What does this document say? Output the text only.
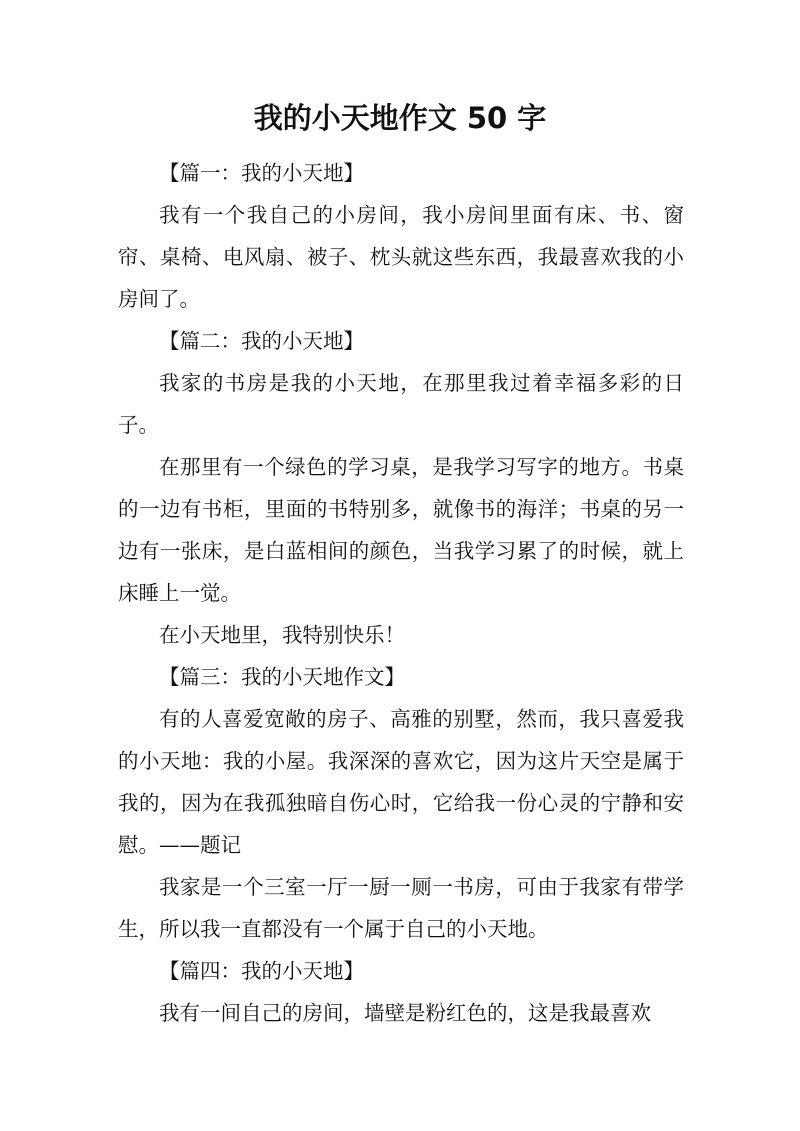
我的小天地作文 50 字

【篇一：我的小天地】

我有一个我自己的小房间，我小房间里面有床、书、窗帘、桌椅、电风扇、被子、枕头就这些东西，我最喜欢我的小房间了。

【篇二：我的小天地】

我家的书房是我的小天地，在那里我过着幸福多彩的日子。

在那里有一个绿色的学习桌，是我学习写字的地方。书桌的一边有书柜，里面的书特别多，就像书的海洋；书桌的另一边有一张床，是白蓝相间的颜色，当我学习累了的时候，就上床睡上一觉。

在小天地里，我特别快乐！

【篇三：我的小天地作文】

有的人喜爱宽敞的房子、高雅的别墅，然而，我只喜爱我的小天地：我的小屋。我深深的喜欢它，因为这片天空是属于我的，因为在我孤独暗自伤心时，它给我一份心灵的宁静和安慰。——题记

我家是一个三室一厅一厨一厕一书房，可由于我家有带学生，所以我一直都没有一个属于自己的小天地。

【篇四：我的小天地】

我有一间自己的房间，墙壁是粉红色的，这是我最喜欢
